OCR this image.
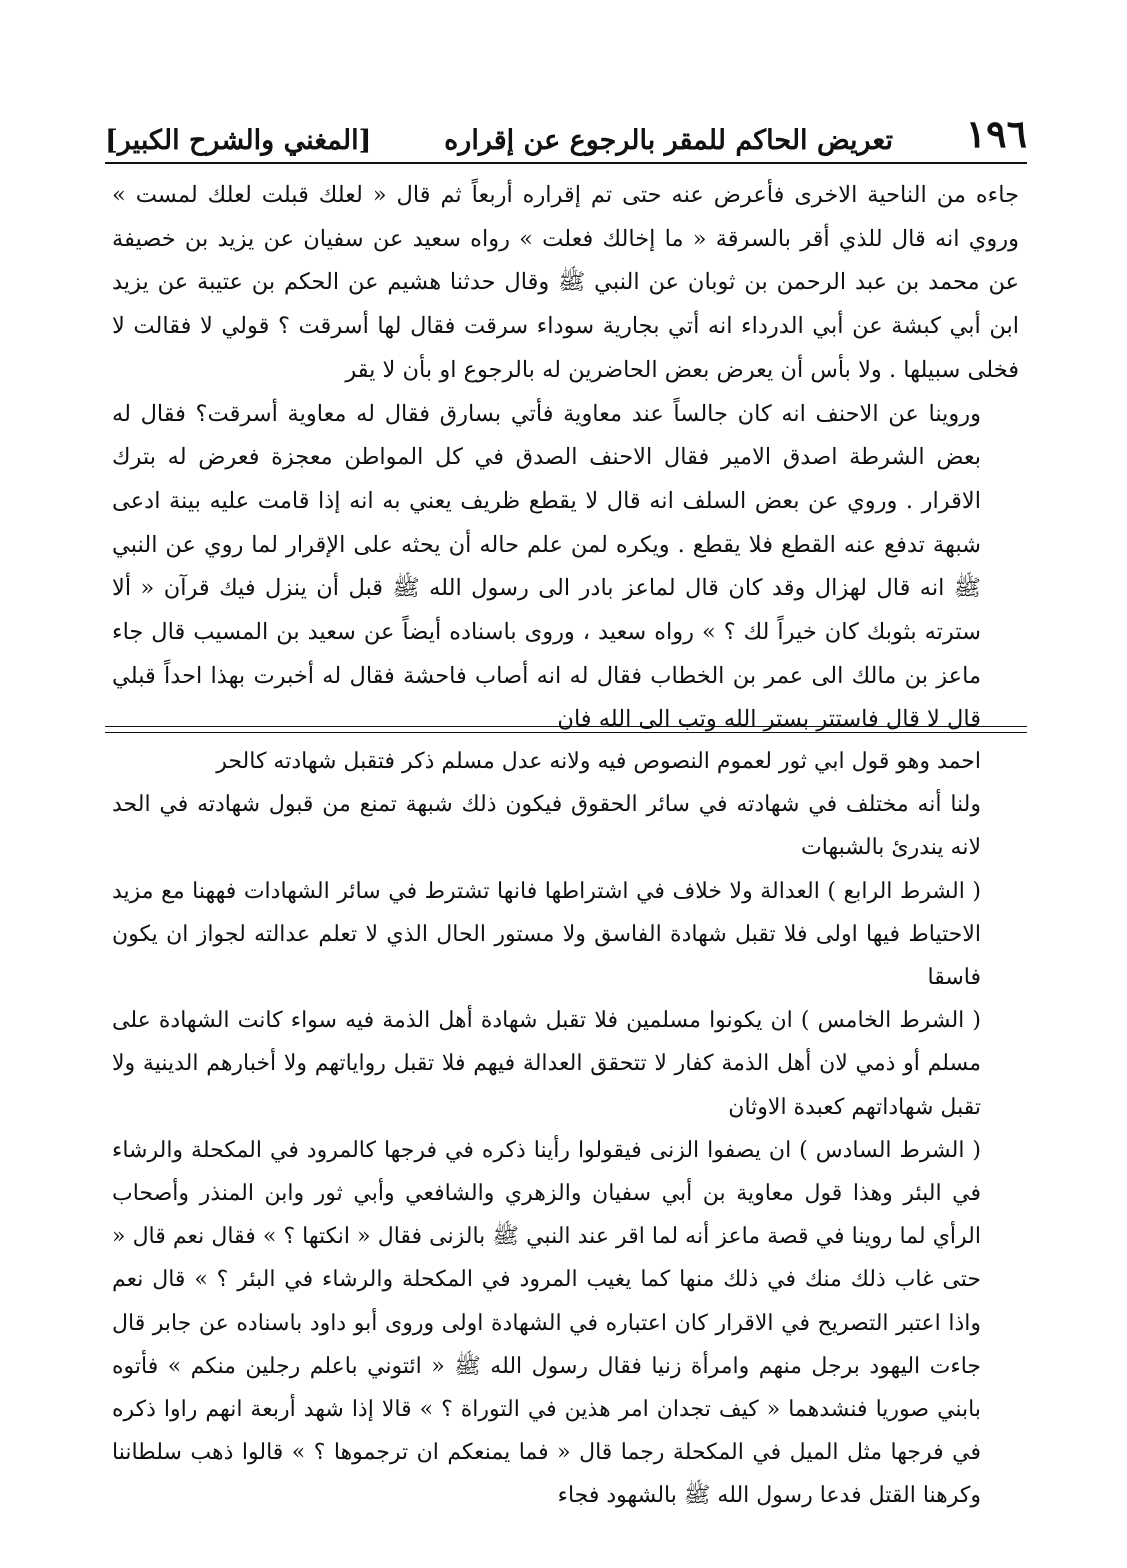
١٩٦
تعريض الحاكم للمقر بالرجوع عن إقراره
[المغني والشرح الكبير]

جاءه من الناحية الاخرى فأعرض عنه حتى تم إقراره أربعاً ثم قال « لعلك قبلت لعلك لمست » وروي انه قال للذي أقر بالسرقة « ما إخالك فعلت » رواه سعيد عن سفيان عن يزيد بن خصيفة عن محمد بن عبد الرحمن بن ثوبان عن النبي ﷺ وقال حدثنا هشيم عن الحكم بن عتيبة عن يزيد ابن أبي كبشة عن أبي الدرداء انه أتي بجارية سوداء سرقت فقال لها أسرقت ؟ قولي لا فقالت لا فخلى سبيلها . ولا بأس أن يعرض بعض الحاضرين له بالرجوع او بأن لا يقر

وروينا عن الاحنف انه كان جالساً عند معاوية فأتي بسارق فقال له معاوية أسرقت؟ فقال له بعض الشرطة اصدق الامير فقال الاحنف الصدق في كل المواطن معجزة فعرض له بترك الاقرار . وروي عن بعض السلف انه قال لا يقطع ظريف يعني به انه إذا قامت عليه بينة ادعى شبهة تدفع عنه القطع فلا يقطع . ويكره لمن علم حاله أن يحثه على الإقرار لما روي عن النبي ﷺ انه قال لهزال وقد كان قال لماعز بادر الى رسول الله ﷺ قبل أن ينزل فيك قرآن « ألا سترته بثوبك كان خيراً لك ؟ » رواه سعيد ، وروى باسناده أيضاً عن سعيد بن المسيب قال جاء ماعز بن مالك الى عمر بن الخطاب فقال له انه أصاب فاحشة فقال له أخبرت بهذا احداً قبلي قال لا قال فاستتر بستر الله وتب الى الله فان

احمد وهو قول ابي ثور لعموم النصوص فيه ولانه عدل مسلم ذكر فتقبل شهادته كالحر

ولنا أنه مختلف في شهادته في سائر الحقوق فيكون ذلك شبهة تمنع من قبول شهادته في الحد لانه يندرئ بالشبهات

( الشرط الرابع ) العدالة ولا خلاف في اشتراطها فانها تشترط في سائر الشهادات فههنا مع مزيد الاحتياط فيها اولى فلا تقبل شهادة الفاسق ولا مستور الحال الذي لا تعلم عدالته لجواز ان يكون فاسقا

( الشرط الخامس ) ان يكونوا مسلمين فلا تقبل شهادة أهل الذمة فيه سواء كانت الشهادة على مسلم أو ذمي لان أهل الذمة كفار لا تتحقق العدالة فيهم فلا تقبل رواياتهم ولا أخبارهم الدينية ولا تقبل شهاداتهم كعبدة الاوثان

( الشرط السادس ) ان يصفوا الزنى فيقولوا رأينا ذكره في فرجها كالمرود في المكحلة والرشاء في البئر وهذا قول معاوية بن أبي سفيان والزهري والشافعي وأبي ثور وابن المنذر وأصحاب الرأي لما روينا في قصة ماعز أنه لما اقر عند النبي ﷺ بالزنى فقال « انكتها ؟ » فقال نعم قال « حتى غاب ذلك منك في ذلك منها كما يغيب المرود في المكحلة والرشاء في البئر ؟ » قال نعم واذا اعتبر التصريح في الاقرار كان اعتباره في الشهادة اولى وروى أبو داود باسناده عن جابر قال جاءت اليهود برجل منهم وامرأة زنيا فقال رسول الله ﷺ « ائتوني باعلم رجلين منكم » فأتوه بابني صوريا فنشدهما « كيف تجدان امر هذين في التوراة ؟ » قالا إذا شهد أربعة انهم راوا ذكره في فرجها مثل الميل في المكحلة رجما قال « فما يمنعكم ان ترجموها ؟ » قالوا ذهب سلطاننا وكرهنا القتل فدعا رسول الله ﷺ بالشهود فجاء
